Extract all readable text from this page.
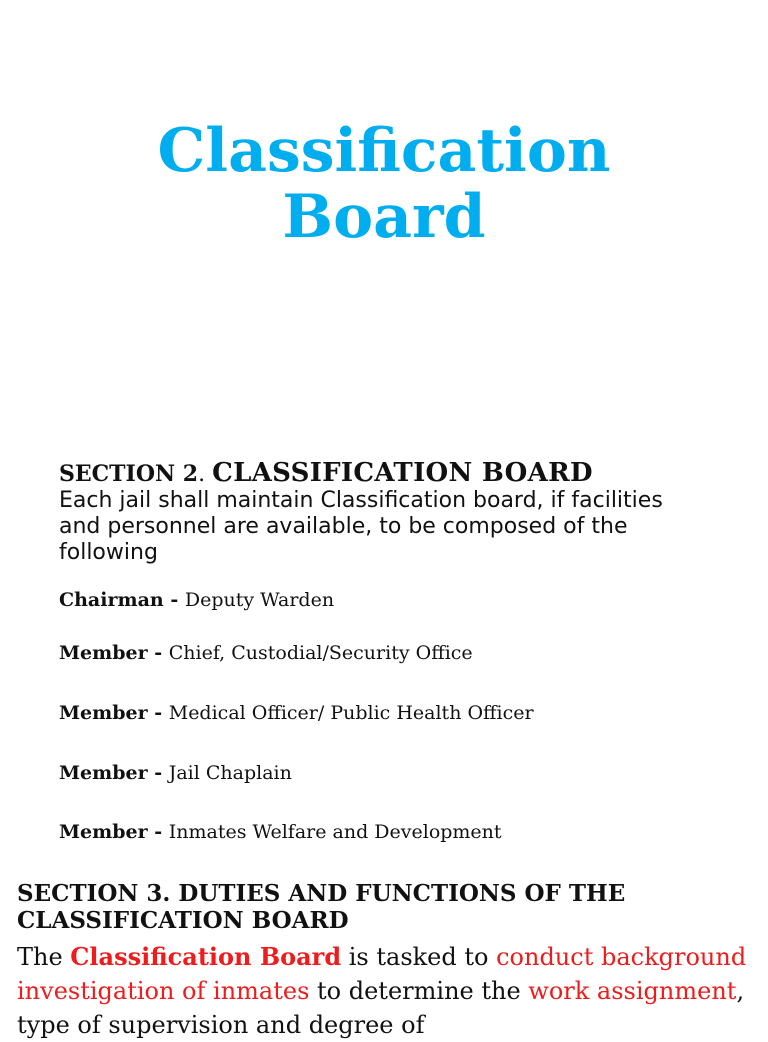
Classification
Board
SECTION 2. CLASSIFICATION BOARD
Each jail shall maintain Classification board, if facilities and personnel are available, to be composed of the following
Chairman - Deputy Warden
Member - Chief, Custodial/Security Office
Member - Medical Officer/ Public Health Officer
Member - Jail Chaplain
Member - Inmates Welfare and Development
SECTION 3. DUTIES AND FUNCTIONS OF THE CLASSIFICATION BOARD
The Classification Board is tasked to conduct background investigation of inmates to determine the work assignment, type of supervision and degree of
